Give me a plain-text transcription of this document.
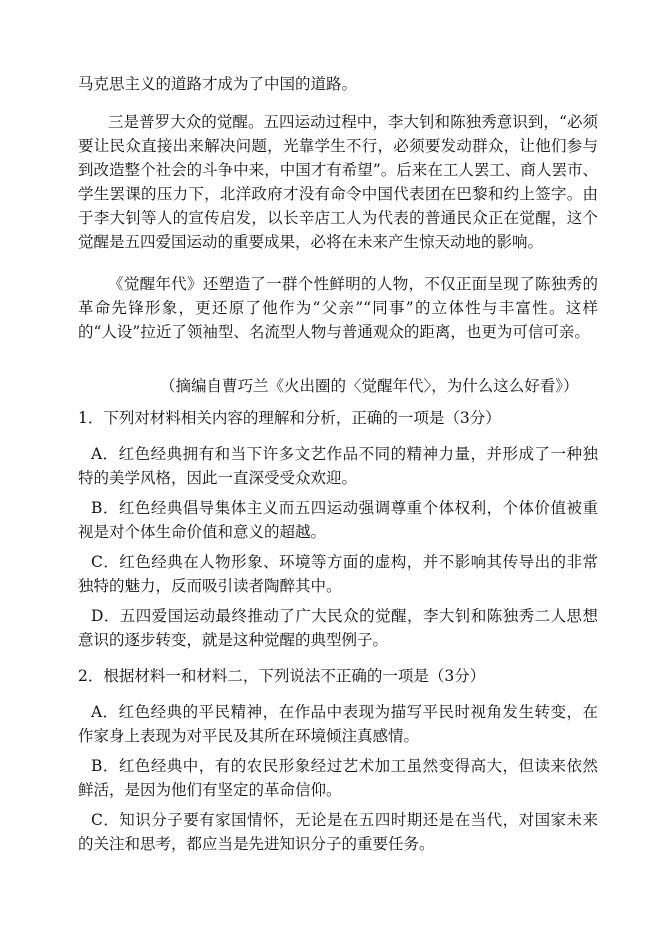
马克思主义的道路才成为了中国的道路。

三是普罗大众的觉醒。五四运动过程中，李大钊和陈独秀意识到，“必须要让民众直接出来解决问题，光靠学生不行，必须要发动群众，让他们参与到改造整个社会的斗争中来，中国才有希望”。后来在工人罢工、商人罢市、学生罢课的压力下，北洋政府才没有命令中国代表团在巴黎和约上签字。由于李大钊等人的宣传启发，以长辛店工人为代表的普通民众正在觉醒，这个觉醒是五四爱国运动的重要成果，必将在未来产生惊天动地的影响。

《觉醒年代》还塑造了一群个性鲜明的人物，不仅正面呈现了陈独秀的革命先锋形象，更还原了他作为“父亲”“同事”的立体性与丰富性。这样的“人设”拉近了领袖型、名流型人物与普通观众的距离，也更为可信可亲。

（摘编自曹巧兰《火出圈的〈觉醒年代〉，为什么这么好看》）

1．下列对材料相关内容的理解和分析，正确的一项是（3分）

A．红色经典拥有和当下许多文艺作品不同的精神力量，并形成了一种独特的美学风格，因此一直深受受众欢迎。

B．红色经典倡导集体主义而五四运动强调尊重个体权利，个体价值被重视是对个体生命价值和意义的超越。

C．红色经典在人物形象、环境等方面的虚构，并不影响其传导出的非常独特的魅力，反而吸引读者陶醉其中。

D．五四爱国运动最终推动了广大民众的觉醒，李大钊和陈独秀二人思想意识的逐步转变，就是这种觉醒的典型例子。

2．根据材料一和材料二，下列说法不正确的一项是（3分）

A．红色经典的平民精神，在作品中表现为描写平民时视角发生转变，在作家身上表现为对平民及其所在环境倾注真感情。

B．红色经典中，有的农民形象经过艺术加工虽然变得高大，但读来依然鲜活，是因为他们有坚定的革命信仰。

C．知识分子要有家国情怀，无论是在五四时期还是在当代，对国家未来的关注和思考，都应当是先进知识分子的重要任务。
